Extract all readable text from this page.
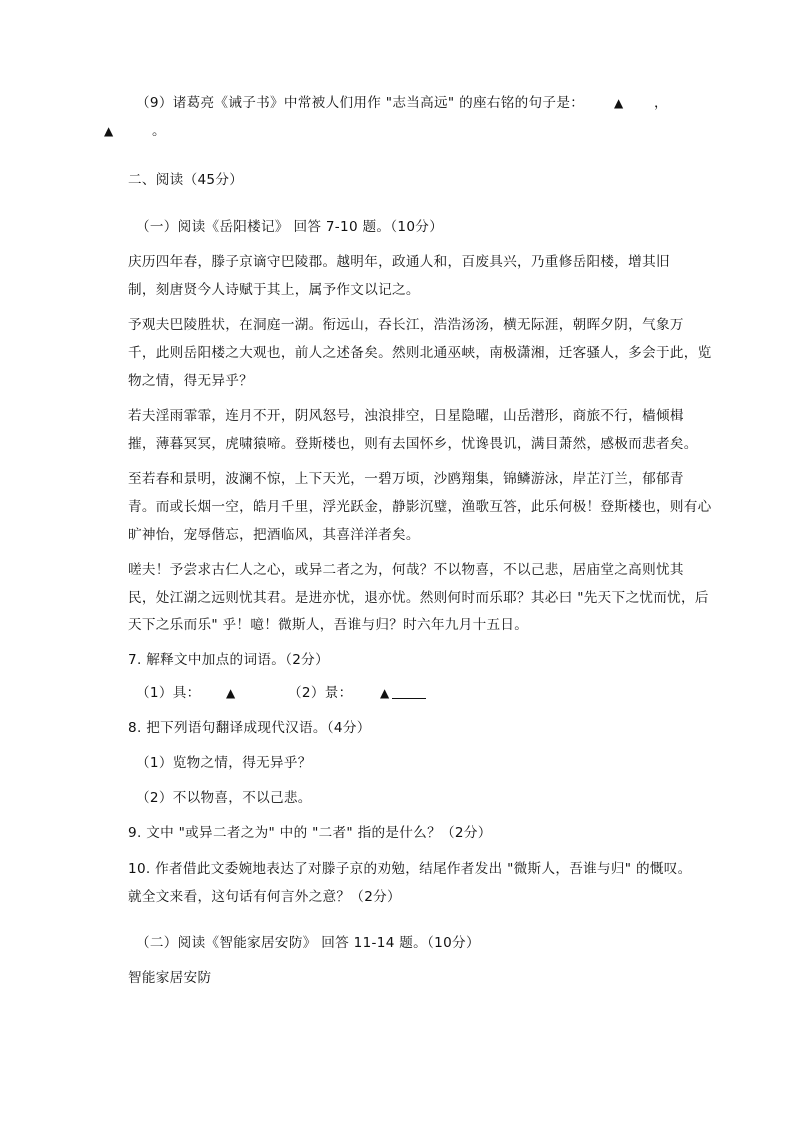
（9）诸葛亮《诫子书》中常被人们用作 "志当高远" 的座右铭的句子是： ▲ ，
▲	。
二、阅读（45分）
（一）阅读《岳阳楼记》 回答 7-10 题。（10分）
庆历四年春，滕子京谪守巴陵郡。越明年，政通人和，百废具兴，乃重修岳阳楼，增其旧
制，刻唐贤今人诗赋于其上，属予作文以记之。
予观夫巴陵胜状，在洞庭一湖。衔远山，吞长江，浩浩汤汤，横无际涯，朝晖夕阴，气象万
千，此则岳阳楼之大观也，前人之述备矣。然则北通巫峡，南极潇湘，迁客骚人，多会于此，览
物之情，得无异乎？
若夫淫雨霏霏，连月不开，阴风怒号，浊浪排空，日星隐曜，山岳潜形，商旅不行，樯倾楫
摧，薄暮冥冥，虎啸猿啼。登斯楼也，则有去国怀乡，忧谗畏讥，满目萧然，感极而悲者矣。
至若春和景明，波澜不惊，上下天光，一碧万顷，沙鸥翔集，锦鳞游泳，岸芷汀兰，郁郁青
青。而或长烟一空，皓月千里，浮光跃金，静影沉璧，渔歌互答，此乐何极！登斯楼也，则有心
旷神怡，宠辱偕忘，把酒临风，其喜洋洋者矣。
嗟夫！予尝求古仁人之心，或异二者之为，何哉？不以物喜，不以己悲，居庙堂之高则忧其
民，处江湖之远则忧其君。是进亦忧，退亦忧。然则何时而乐耶？其必曰 "先天下之忧而忧，后
天下之乐而乐" 乎！噫！微斯人，吾谁与归？时六年九月十五日。
7. 解释文中加点的词语。（2分）
（1）具： ▲	（2）景： ▲
8. 把下列语句翻译成现代汉语。（4分）
（1）览物之情，得无异乎？
（2）不以物喜，不以己悲。
9. 文中 "或异二者之为" 中的 "二者" 指的是什么？（2分）
10. 作者借此文委婉地表达了对滕子京的劝勉，结尾作者发出 "微斯人，吾谁与归" 的慨叹。
就全文来看，这句话有何言外之意？（2分）
（二）阅读《智能家居安防》 回答 11-14 题。（10分）
智能家居安防
